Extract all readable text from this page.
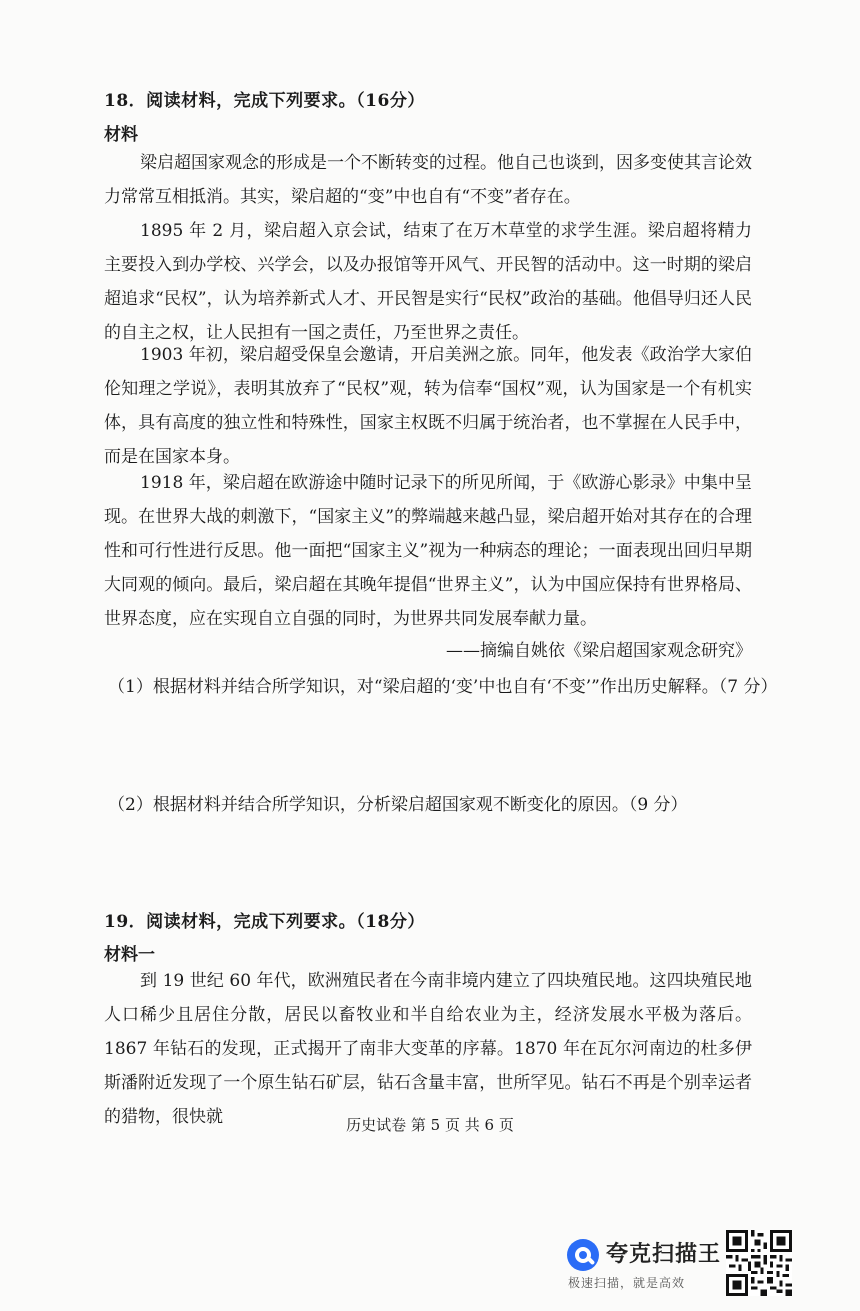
18．阅读材料，完成下列要求。（16分）
材料

梁启超国家观念的形成是一个不断转变的过程。他自己也谈到，因多变使其言论效力常常互相抵消。其实，梁启超的“变”中也自有“不变”者存在。

1895 年 2 月，梁启超入京会试，结束了在万木草堂的求学生涯。梁启超将精力主要投入到办学校、兴学会，以及办报馆等开风气、开民智的活动中。这一时期的梁启超追求“民权”，认为培养新式人才、开民智是实行“民权”政治的基础。他倡导归还人民的自主之权，让人民担有一国之责任，乃至世界之责任。

1903 年初，梁启超受保皇会邀请，开启美洲之旅。同年，他发表《政治学大家伯伦知理之学说》，表明其放弃了“民权”观，转为信奉“国权”观，认为国家是一个有机实体，具有高度的独立性和特殊性，国家主权既不归属于统治者，也不掌握在人民手中，而是在国家本身。

1918 年，梁启超在欧游途中随时记录下的所见所闻，于《欧游心影录》中集中呈现。在世界大战的刺激下，“国家主义”的弊端越来越凸显，梁启超开始对其存在的合理性和可行性进行反思。他一面把“国家主义”视为一种病态的理论；一面表现出回归早期大同观的倾向。最后，梁启超在其晚年提倡“世界主义”，认为中国应保持有世界格局、世界态度，应在实现自立自强的同时，为世界共同发展奉献力量。

——摘编自姚依《梁启超国家观念研究》
（1）根据材料并结合所学知识，对“梁启超的‘变’中也自有‘不变’”作出历史解释。（7 分）
（2）根据材料并结合所学知识，分析梁启超国家观不断变化的原因。（9 分）
19．阅读材料，完成下列要求。（18分）
材料一

到 19 世纪 60 年代，欧洲殖民者在今南非境内建立了四块殖民地。这四块殖民地人口稀少且居住分散，居民以畜牧业和半自给农业为主，经济发展水平极为落后。1867 年钻石的发现，正式揭开了南非大变革的序幕。1870 年在瓦尔河南边的杜多伊斯潘附近发现了一个原生钻石矿层，钻石含量丰富，世所罕见。钻石不再是个别幸运者的猎物，很快就	历史试卷 第 5 页 共 6 页
夸克扫描王
极速扫描，就是高效
